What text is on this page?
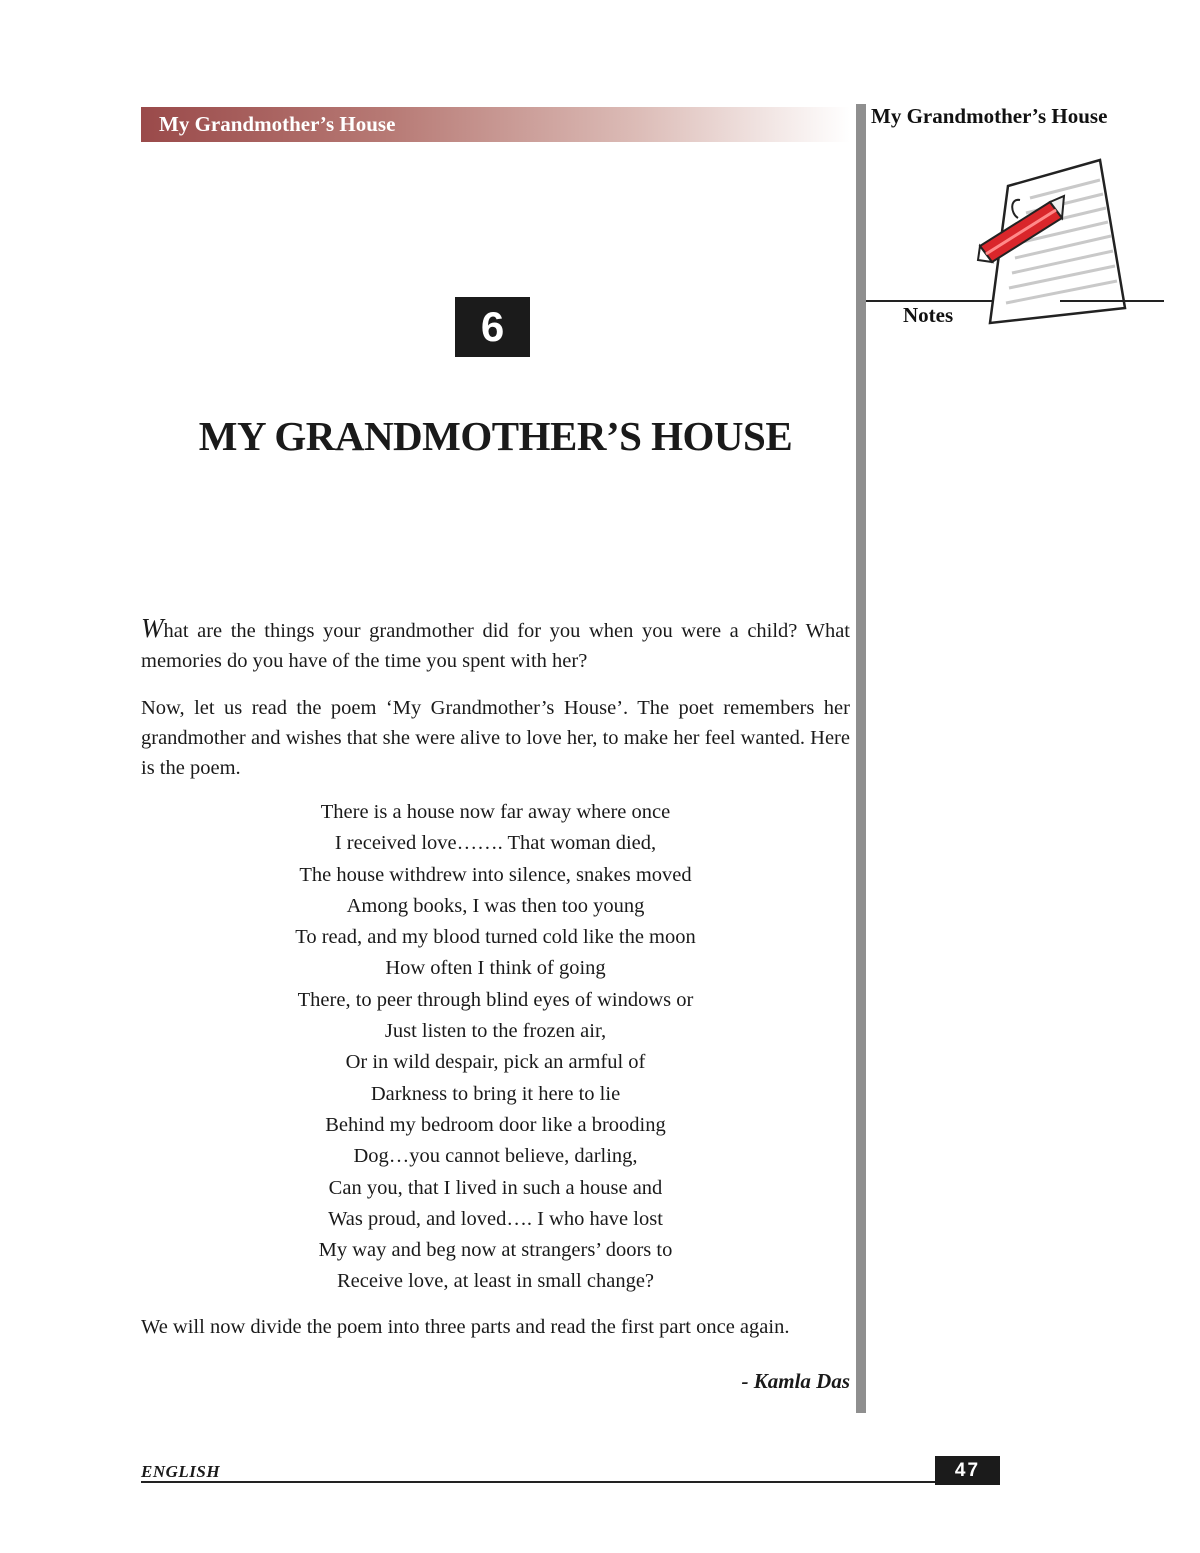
My Grandmother’s House	My Grandmother’s House
Notes
6
MY GRANDMOTHER’S HOUSE

What are the things your grandmother did for you when you were a child? What memories do you have of the time you spent with her?

Now, let us read the poem ‘My Grandmother’s House’. The poet remembers her grandmother and wishes that she were alive to love her, to make her feel wanted. Here is the poem.

There is a house now far away where once
I received love……. That woman died,
The house withdrew into silence, snakes moved
Among books, I was then too young
To read, and my blood turned cold like the moon
How often I think of going
There, to peer through blind eyes of windows or
Just listen to the frozen air,
Or in wild despair, pick an armful of
Darkness to bring it here to lie
Behind my bedroom door like a brooding
Dog…you cannot believe, darling,
Can you, that I lived in such a house and
Was proud, and loved…. I who have lost
My way and beg now at strangers’ doors to
Receive love, at least in small change?

We will now divide the poem into three parts and read the first part once again.

- Kamla Das
ENGLISH	47
